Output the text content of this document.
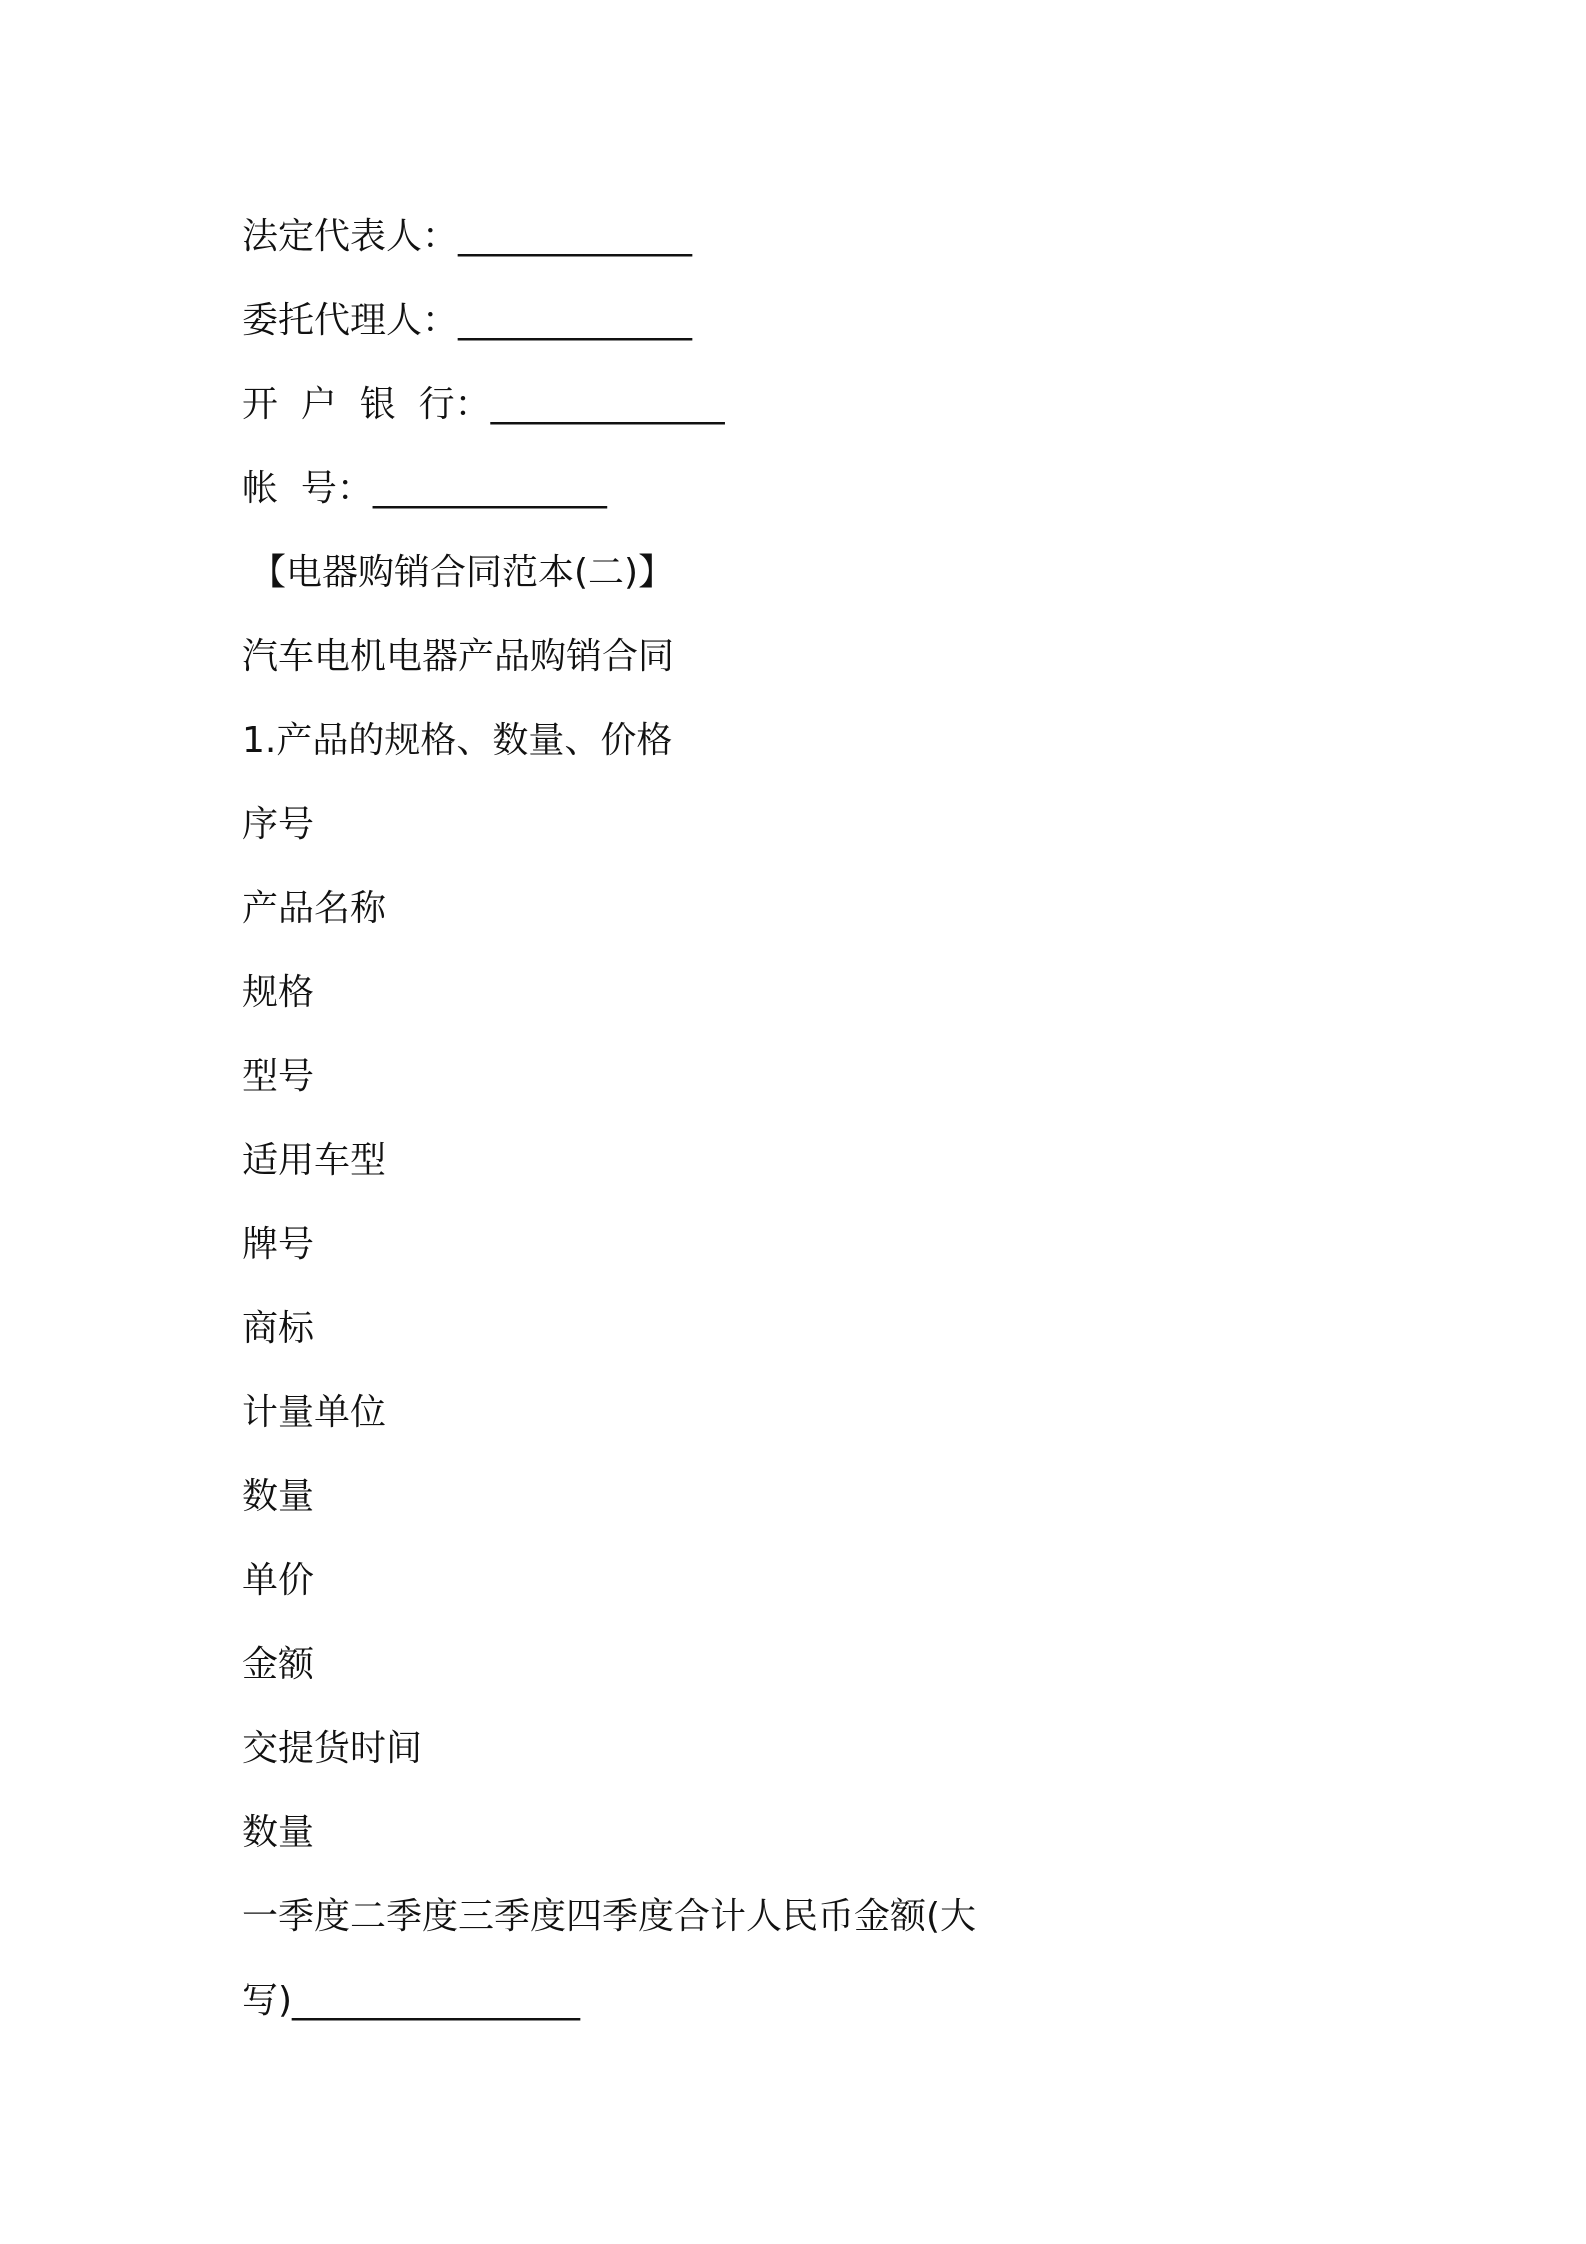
法定代表人：_____________
委托代理人：_____________
开  户  银  行：_____________
帐  号：_____________
【电器购销合同范本(二)】
汽车电机电器产品购销合同
1.产品的规格、数量、价格
序号
产品名称
规格
型号
适用车型
牌号
商标
计量单位
数量
单价
金额
交提货时间
数量
一季度二季度三季度四季度合计人民币金额(大
写)________________
